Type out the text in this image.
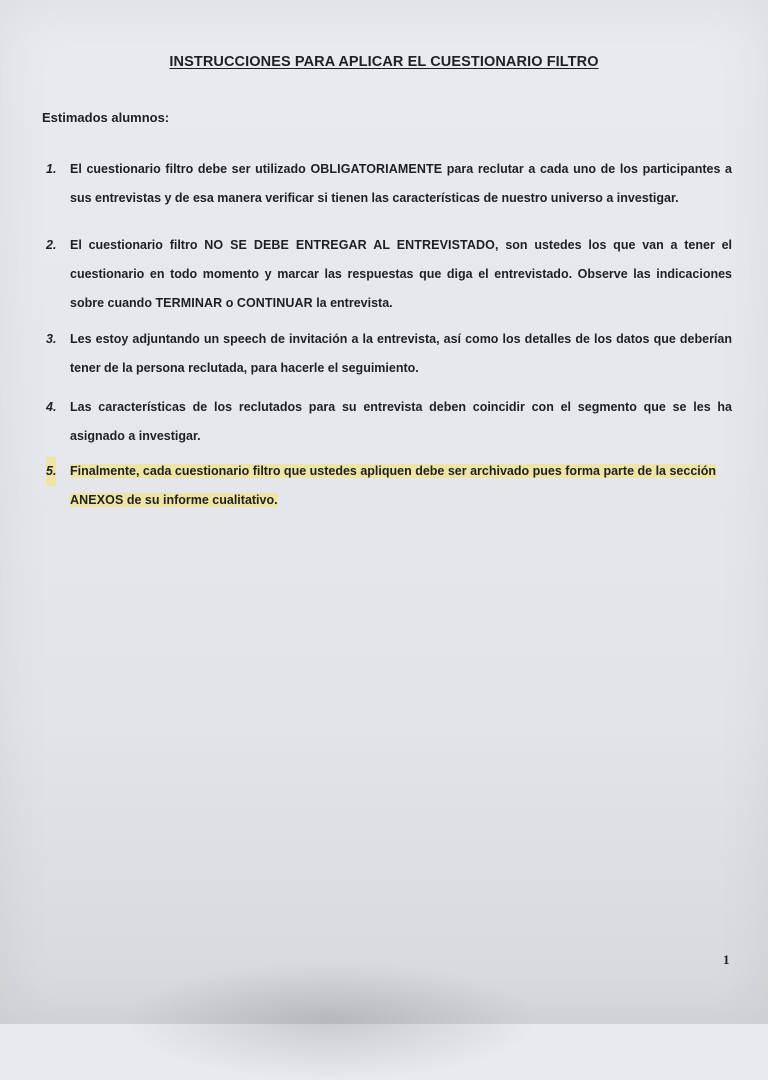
INSTRUCCIONES PARA APLICAR EL CUESTIONARIO FILTRO
Estimados alumnos:
1. El cuestionario filtro debe ser utilizado OBLIGATORIAMENTE para reclutar a cada uno de los participantes a sus entrevistas y de esa manera verificar si tienen las características de nuestro universo a investigar.
2. El cuestionario filtro NO SE DEBE ENTREGAR AL ENTREVISTADO, son ustedes los que van a tener el cuestionario en todo momento y marcar las respuestas que diga el entrevistado. Observe las indicaciones sobre cuando TERMINAR o CONTINUAR la entrevista.
3. Les estoy adjuntando un speech de invitación a la entrevista, así como los detalles de los datos que deberían tener de la persona reclutada, para hacerle el seguimiento.
4. Las características de los reclutados para su entrevista deben coincidir con el segmento que se les ha asignado a investigar.
5. Finalmente, cada cuestionario filtro que ustedes apliquen debe ser archivado pues forma parte de la sección
ANEXOS de su informe cualitativo.
1
